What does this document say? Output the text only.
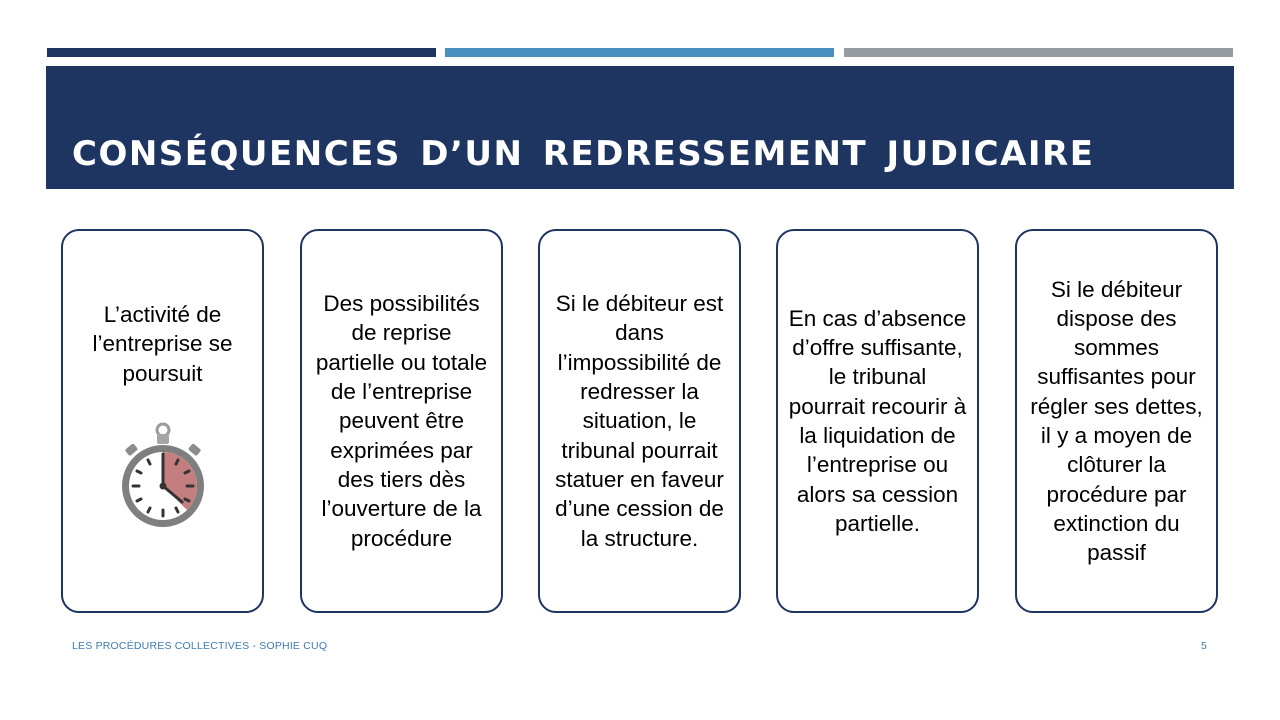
CONSÉQUENCES D’UN REDRESSEMENT JUDICAIRE

L’activité de l’entreprise se poursuit

Des possibilités de reprise partielle ou totale de l’entreprise peuvent être exprimées par des tiers dès l’ouverture de la procédure

Si le débiteur est dans l’impossibilité de redresser la situation, le tribunal pourrait statuer en faveur d’une cession de la structure.

En cas d’absence d’offre suffisante, le tribunal pourrait recourir à la liquidation de l’entreprise ou alors sa cession partielle.

Si le débiteur dispose des sommes suffisantes pour régler ses dettes, il y a moyen de clôturer la procédure par extinction du passif

LES PROCÉDURES COLLECTIVES - SOPHIE CUQ	5
